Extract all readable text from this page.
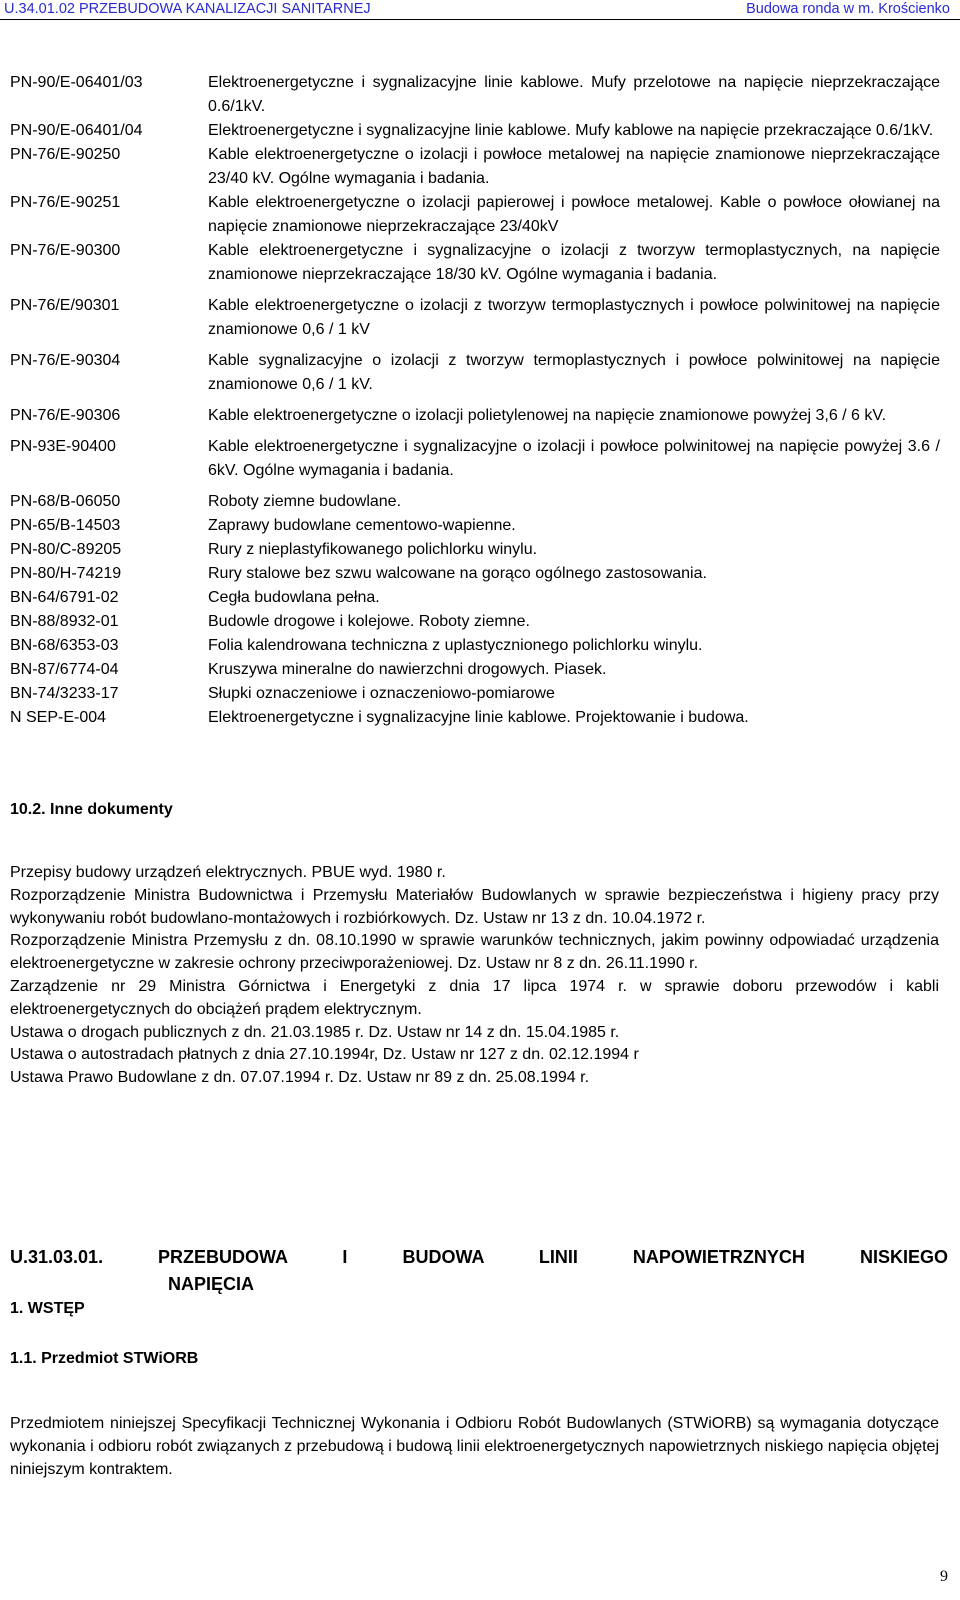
U.34.01.02 PRZEBUDOWA KANALIZACJI SANITARNEJ	Budowa ronda w m. Krościenko
PN-90/E-06401/03	Elektroenergetyczne i sygnalizacyjne linie kablowe. Mufy przelotowe na napięcie nieprzekraczające 0.6/1kV.
PN-90/E-06401/04	Elektroenergetyczne i sygnalizacyjne linie kablowe. Mufy kablowe na napięcie przekraczające 0.6/1kV.
PN-76/E-90250	Kable elektroenergetyczne o izolacji i powłoce metalowej na napięcie znamionowe nieprzekraczające 23/40 kV. Ogólne wymagania i badania.
PN-76/E-90251	Kable elektroenergetyczne o izolacji papierowej i powłoce metalowej. Kable o powłoce ołowianej na napięcie znamionowe nieprzekraczające 23/40kV
PN-76/E-90300	Kable elektroenergetyczne i sygnalizacyjne o izolacji z tworzyw termoplastycznych, na napięcie znamionowe nieprzekraczające 18/30 kV. Ogólne wymagania i badania.
PN-76/E/90301	Kable elektroenergetyczne o izolacji z tworzyw termoplastycznych i powłoce polwinitowej na napięcie znamionowe 0,6 / 1 kV
PN-76/E-90304	Kable sygnalizacyjne o izolacji z tworzyw termoplastycznych i powłoce polwinitowej na napięcie znamionowe 0,6 / 1 kV.
PN-76/E-90306	Kable elektroenergetyczne o izolacji polietylenowej na napięcie znamionowe powyżej 3,6 / 6 kV.
PN-93E-90400	Kable elektroenergetyczne i sygnalizacyjne o izolacji i powłoce polwinitowej na napięcie powyżej 3.6 / 6kV. Ogólne wymagania i badania.
PN-68/B-06050	Roboty ziemne budowlane.
PN-65/B-14503	Zaprawy budowlane cementowo-wapienne.
PN-80/C-89205	Rury z nieplastyfikowanego polichlorku winylu.
PN-80/H-74219	Rury stalowe bez szwu walcowane na gorąco ogólnego zastosowania.
BN-64/6791-02	Cegła budowlana pełna.
BN-88/8932-01	Budowle drogowe i kolejowe. Roboty ziemne.
BN-68/6353-03	Folia kalendrowana techniczna z uplastycznionego polichlorku winylu.
BN-87/6774-04	Kruszywa mineralne do nawierzchni drogowych. Piasek.
BN-74/3233-17	Słupki oznaczeniowe i oznaczeniowo-pomiarowe
N SEP-E-004	Elektroenergetyczne i sygnalizacyjne linie kablowe. Projektowanie i budowa.
10.2. Inne dokumenty

Przepisy budowy urządzeń elektrycznych. PBUE wyd. 1980 r.

Rozporządzenie Ministra Budownictwa i Przemysłu Materiałów Budowlanych w sprawie bezpieczeństwa i higieny pracy przy wykonywaniu robót budowlano-montażowych i rozbiórkowych. Dz. Ustaw nr 13 z dn. 10.04.1972 r.

Rozporządzenie Ministra Przemysłu z dn. 08.10.1990 w sprawie warunków technicznych, jakim powinny odpowiadać urządzenia elektroenergetyczne w zakresie ochrony przeciwporażeniowej. Dz. Ustaw nr 8 z dn. 26.11.1990 r.

Zarządzenie nr 29 Ministra Górnictwa i Energetyki z dnia 17 lipca 1974 r. w sprawie doboru przewodów i kabli elektroenergetycznych do obciążeń prądem elektrycznym.

Ustawa o drogach publicznych z dn. 21.03.1985 r. Dz. Ustaw nr 14 z dn. 15.04.1985 r.

Ustawa o autostradach płatnych z dnia 27.10.1994r, Dz. Ustaw nr 127 z dn. 02.12.1994 r

Ustawa Prawo Budowlane z dn. 07.07.1994 r. Dz. Ustaw nr 89 z dn. 25.08.1994 r.

U.31.03.01.	PRZEBUDOWA I BUDOWA LINII NAPOWIETRZNYCH NISKIEGO
NAPIĘCIA
1. WSTĘP
1.1. Przedmiot STWiORB

Przedmiotem niniejszej Specyfikacji Technicznej Wykonania i Odbioru Robót Budowlanych (STWiORB) są wymagania dotyczące wykonania i odbioru robót związanych z przebudową i budową linii elektroenergetycznych napowietrznych niskiego napięcia objętej niniejszym kontraktem.

9
